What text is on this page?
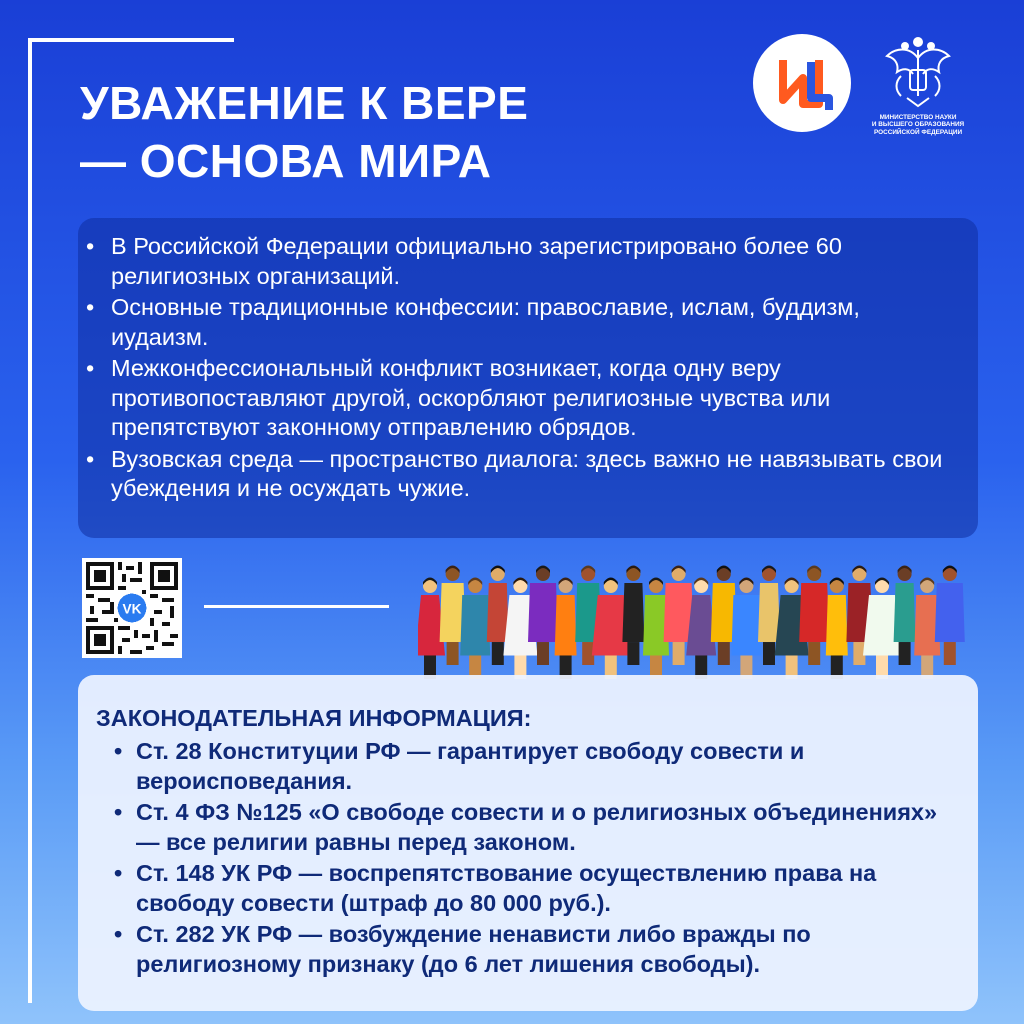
УВАЖЕНИЕ К ВЕРЕ
— ОСНОВА МИРА
МИНИСТЕРСТВО НАУКИ
И ВЫСШЕГО ОБРАЗОВАНИЯ
РОССИЙСКОЙ ФЕДЕРАЦИИ
• В Российской Федерации официально зарегистрировано более 60 религиозных организаций.
• Основные традиционные конфессии: православие, ислам, буддизм, иудаизм.
• Межконфессиональный конфликт возникает, когда одну веру противопоставляют другой, оскорбляют религиозные чувства или препятствуют законному отправлению обрядов.
• Вузовская среда — пространство диалога: здесь важно не навязывать свои убеждения и не осуждать чужие.
VK
ЗАКОНОДАТЕЛЬНАЯ ИНФОРМАЦИЯ:
• Ст. 28 Конституции РФ — гарантирует свободу совести и вероисповедания.
• Ст. 4 ФЗ №125 «О свободе совести и о религиозных объединениях» — все религии равны перед законом.
• Ст. 148 УК РФ — воспрепятствование осуществлению права на свободу совести (штраф до 80 000 руб.).
• Ст. 282 УК РФ — возбуждение ненависти либо вражды по религиозному признаку (до 6 лет лишения свободы).
